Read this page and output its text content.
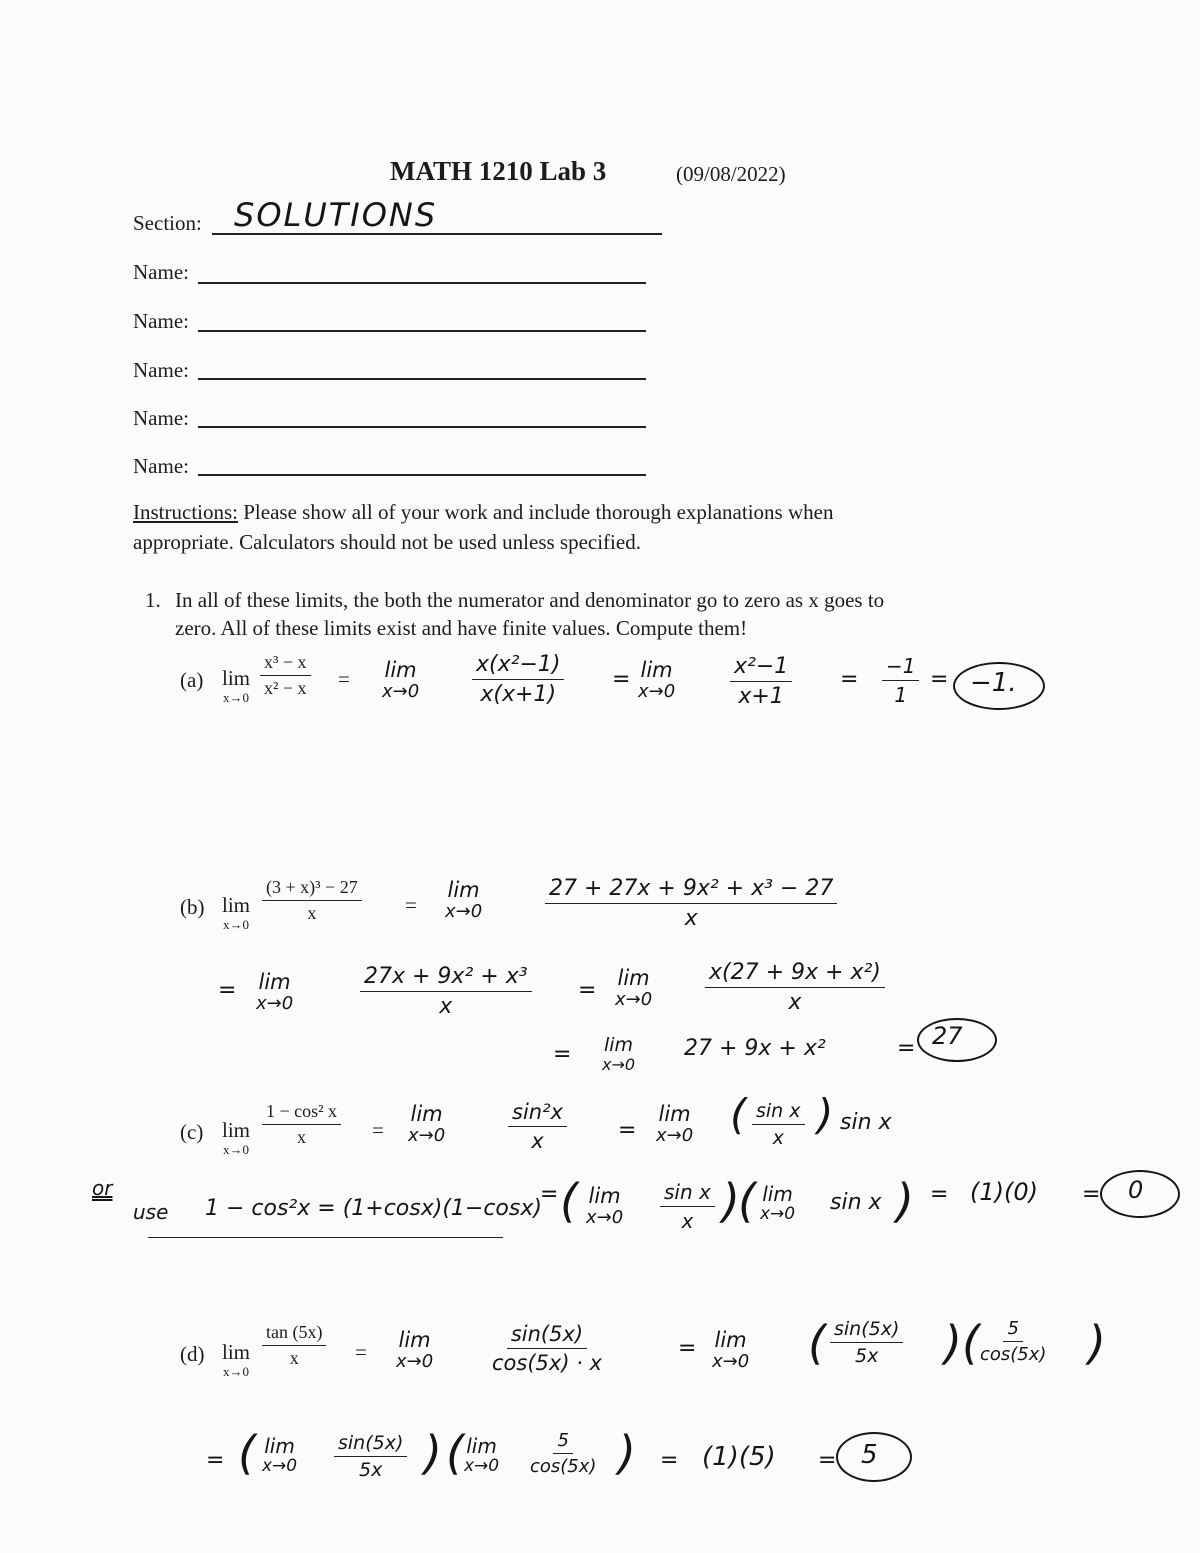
MATH 1210 Lab 3	(09/08/2022)
Section: SOLUTIONS
Name:
Name:
Name:
Name:
Name:
Instructions: Please show all of your work and include thorough explanations when
appropriate. Calculators should not be used unless specified.
1. In all of these limits, the both the numerator and denominator go to zero as x goes to
zero. All of these limits exist and have finite values. Compute them!
(a) lim
$x\to 0 \frac{\text{x³ − x}}{\text{x² − x}} = \lim$
$x\to 0 \frac{\text{x(x²−1)}}{x(x+1)} = \lim$
$x\to 0 \frac{\text{x²−1}}{x+1} = \frac{-1}{1} = -1$.
(b) lim
x→0
$\frac{\text{(3 + x)³ − 27}}{x}$ =
lim
x→0	$\frac{\text{27 + 27x + 9x² + x³ − 27}}{x}$
= lim
x→0	$\frac{\text{27x + 9x² + x³}}{x} = \lim$
$x\to 0 \frac{\text{x(27 + 9x + x²)}}{x}$
= lim
x→0
27 + 9x + x²	= 27
(c) lim
x→0
$\frac{\text{1 − cos² x}}{x}$ =
lim
x→0	$\frac{\text{sin²x}}{x}$ =
lim
x→0 ( $\frac{\text{sin x}}{x}$ ) sin x
or
use 1 − cos²x = (1+cosx)(1−cosx)
= ( lim
$x\to 0 \frac{\text{sin x}}{x}$ )
( lim
x→0 sin x ) = (1)(0) = 0
(d) lim
x→0
$\frac{\tan (5x)}{x} = \lim$
x→0	$\frac{\sin(5x)}{\cos(5x) \cdot x}$	= lim
x→0 ( $\frac{\sin(5x)}{5x}$ ) ( $\frac{5}{\cos(5x)}$ )
= ( lim
$x\to 0 \frac{\sin(5x)}{5x}$ ) ( lim
$x\to 0 \frac{5}{\cos(5x)}$ ) = (1)(5) = 5
